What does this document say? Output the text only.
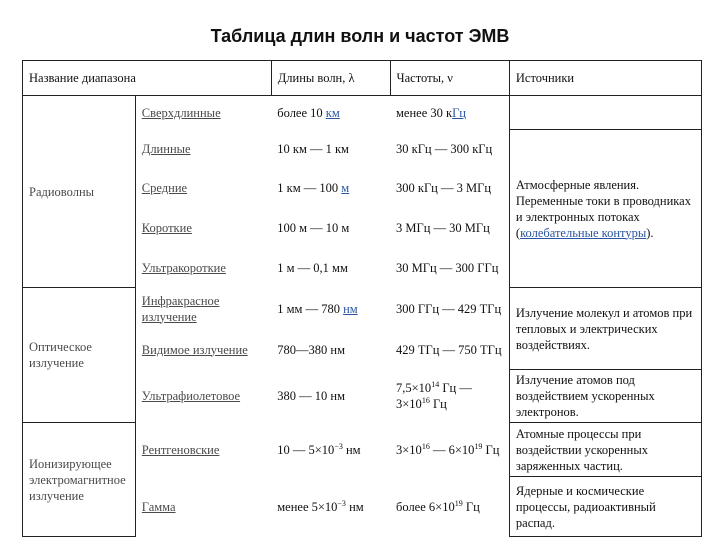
Таблица длин волн и частот ЭМВ
Название диапазона		Длины волн, λ	Частоты, ν	Источники
Радиоволны	Сверхдлинные	более 10 км	менее 30 кГц	
	Длинные	10 км — 1 км	30 кГц — 300 кГц	Атмосферные явления. Переменные токи в проводниках и электронных потоках (колебательные контуры).
	Средние	1 км — 100 м	300 кГц — 3 МГц	
	Короткие	100 м — 10 м	3 МГц — 30 МГц	
	Ультракороткие	1 м — 0,1 мм	30 МГц — 300 ГГц	
Оптическое излучение	Инфракрасное излучение	1 мм — 780 нм	300 ГГц — 429 ТГц	Излучение молекул и атомов при тепловых и электрических воздействиях.
	Видимое излучение	780—380 нм	429 ТГц — 750 ТГц	
	Ультрафиолетовое	380 — 10 нм	$7,5\times 10^{14}$ Гц — $3\times 10^{16}$ Гц	Излучение атомов под воздействием ускоренных электронов.
Ионизирующее электромагнитное излучение	Рентгеновские	10 — $5\times 10^{-3}$ нм	$3\times 10^{16}$ — $6\times 10^{19}$ Гц	Атомные процессы при воздействии ускоренных заряженных частиц.
	Гамма	менее $5\times 10^{-3}$ нм	более $6\times 10^{19}$ Гц	Ядерные и космические процессы, радиоактивный распад.
